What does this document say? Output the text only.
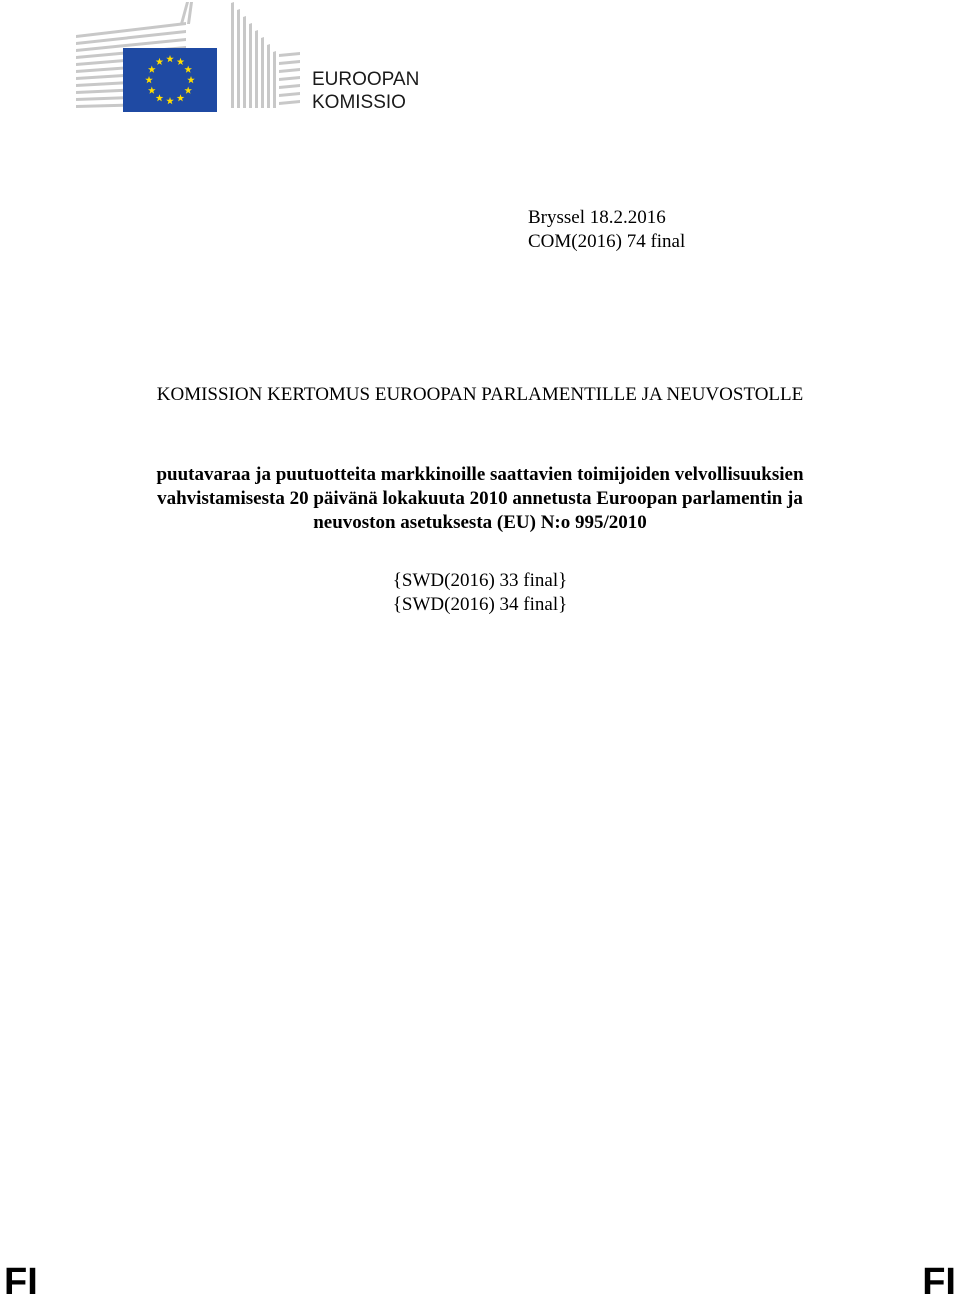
EUROOPAN
KOMISSIO
Bryssel 18.2.2016
COM(2016) 74 final
KOMISSION KERTOMUS EUROOPAN PARLAMENTILLE JA NEUVOSTOLLE
puutavaraa ja puutuotteita markkinoille saattavien toimijoiden velvollisuuksien
vahvistamisesta 20 päivänä lokakuuta 2010 annetusta Euroopan parlamentin ja
neuvoston asetuksesta (EU) N:o 995/2010
{SWD(2016) 33 final}
{SWD(2016) 34 final}
FI	FI
